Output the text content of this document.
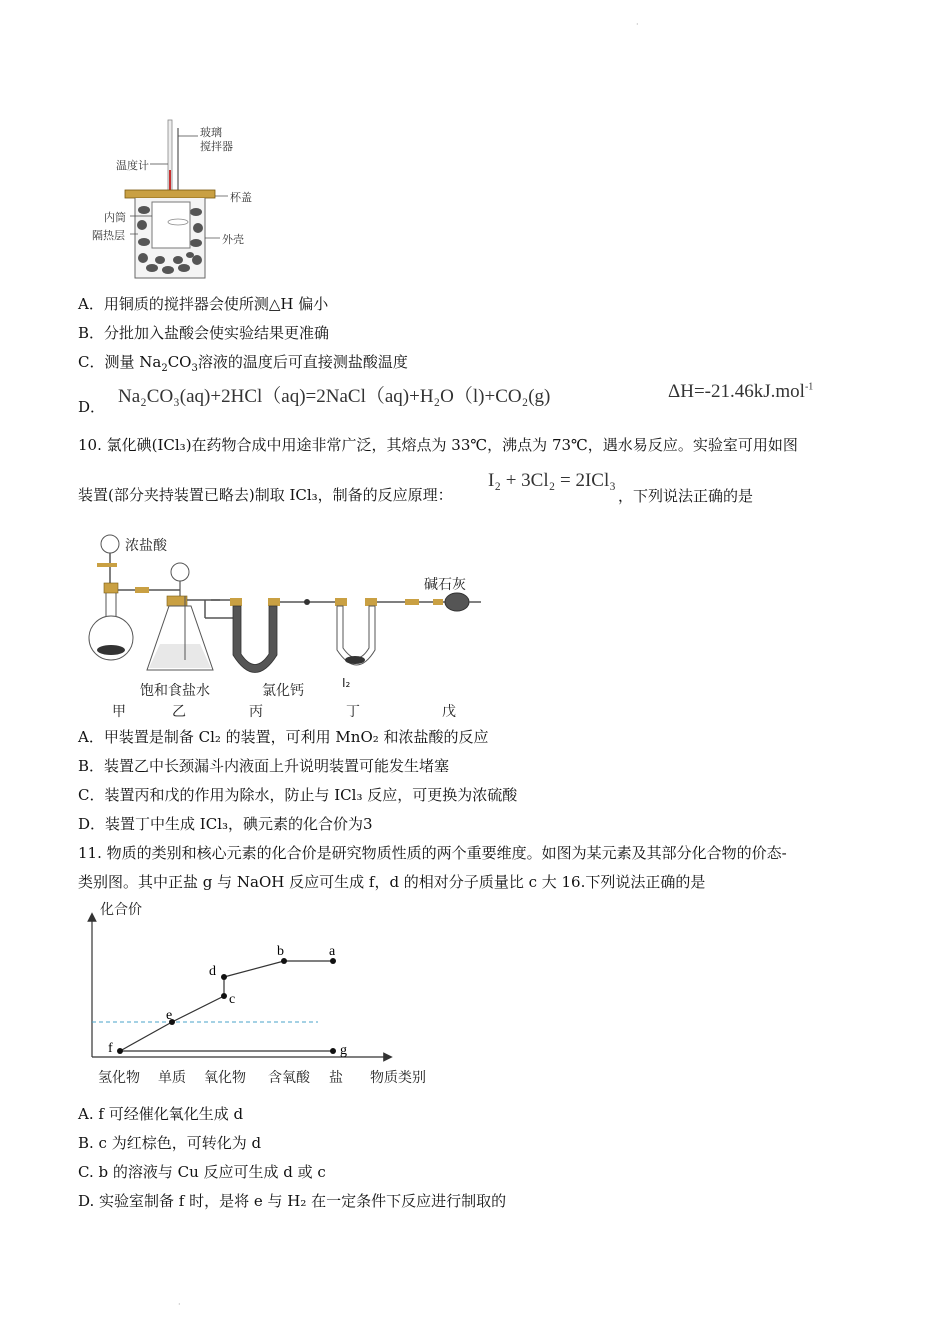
·
·
玻璃
搅拌器
温度计
杯盖
内筒
隔热层	外壳
A．用铜质的搅拌器会使所测△H 偏小
B．分批加入盐酸会使实验结果更准确
C．测量 $Na_2CO_3$溶液的温度后可直接测盐酸温度
D． Na₂CO₃(aq)+2HCl（aq)=2NaCl（aq)+H₂O（l)+CO₂(g)	ΔH=-21.46kJ.mol$^{-1}$
10. 氯化碘(ICl₃)在药物合成中用途非常广泛，其熔点为 33℃，沸点为 73℃，遇水易反应。实验室可用如图
装置(部分夹持装置已略去)制取 ICl₃，制备的反应原理：
I₂ + 3Cl₂ = 2ICl₃
，下列说法正确的是
浓盐酸
碱石灰
饱和食盐水	氯化钙	I₂
甲	乙	丙	丁	戊
A．甲装置是制备 Cl₂ 的装置，可利用 MnO₂ 和浓盐酸的反应
B．装置乙中长颈漏斗内液面上升说明装置可能发生堵塞
C．装置丙和戊的作用为除水，防止与 ICl₃ 反应，可更换为浓硫酸
D．装置丁中生成 ICl₃，碘元素的化合价为3
11. 物质的类别和核心元素的化合价是研究物质性质的两个重要维度。如图为某元素及其部分化合物的价态-
类别图。其中正盐 g 与 NaOH 反应可生成 f，d 的相对分子质量比 c 大 16.下列说法正确的是
a
b
c
d
e
f	g
化合价
氢化物 单质 氧化物 含氧酸 盐 物质类别
A. f 可经催化氧化生成 d
B. c 为红棕色，可转化为 d
C. b 的溶液与 Cu 反应可生成 d 或 c
D. 实验室制备 f 时，是将 e 与 H₂ 在一定条件下反应进行制取的
